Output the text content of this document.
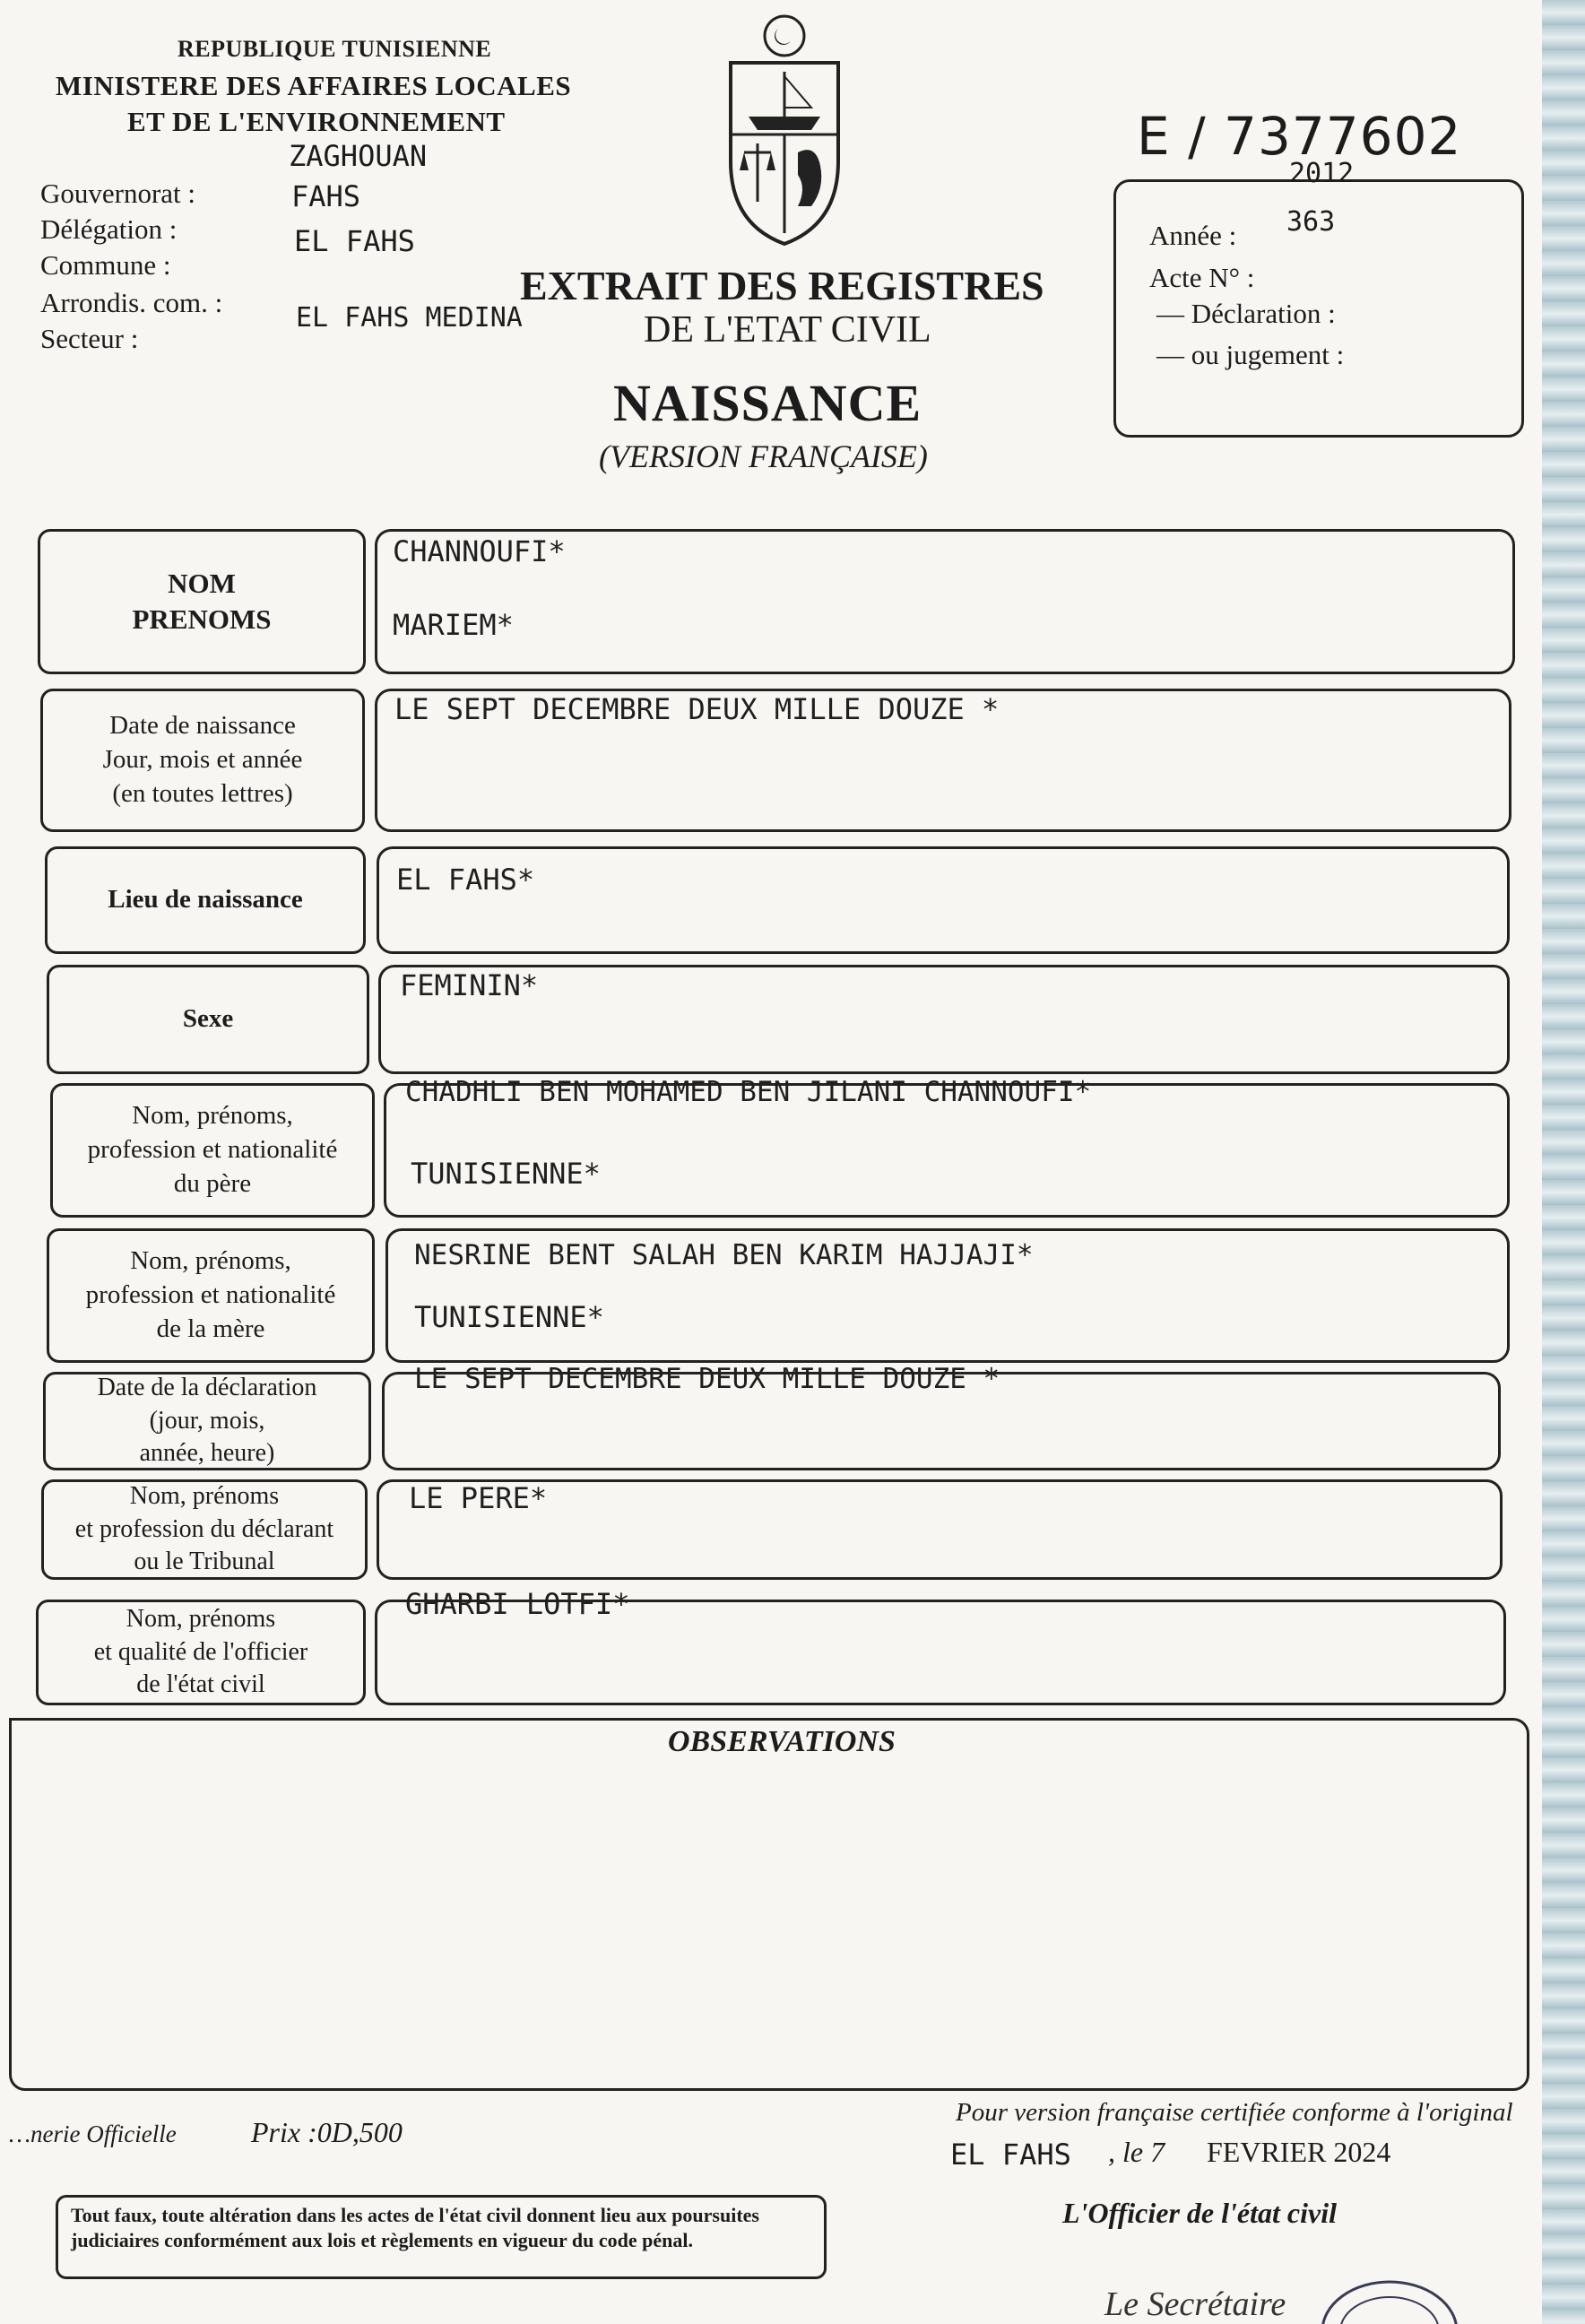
REPUBLIQUE TUNISIENNE
MINISTERE DES AFFAIRES LOCALES
ET DE L'ENVIRONNEMENT
Gouvernorat :
ZAGHOUAN
Délégation :
FAHS
Commune :
EL FAHS
Arrondis. com. :
Secteur :
EL FAHS MEDINA
E / 7377602
2012
Année : 363
Acte N° :
— Déclaration :
— ou jugement :
EXTRAIT DES REGISTRES
DE L'ETAT CIVIL
NAISSANCE
(VERSION FRANÇAISE)
NOM
PRENOMS
CHANNOUFI*
MARIEM*
Date de naissance
Jour, mois et année
(en toutes lettres)
LE SEPT DECEMBRE DEUX MILLE DOUZE *
Lieu de naissance
EL FAHS*
Sexe
FEMININ*
Nom, prénoms,
profession et nationalité
du père
CHADHLI BEN MOHAMED BEN JILANI CHANNOUFI*
TUNISIENNE*
Nom, prénoms,
profession et nationalité
de la mère
NESRINE BENT SALAH BEN KARIM HAJJAJI*
TUNISIENNE*
Date de la déclaration
(jour, mois,
année, heure)
LE SEPT DECEMBRE DEUX MILLE DOUZE *
Nom, prénoms
et profession du déclarant
ou le Tribunal
LE PERE*
Nom, prénoms
et qualité de l'officier
de l'état civil
GHARBI LOTFI*
OBSERVATIONS
…nerie Officielle	Prix :0D,500
Pour version française certifiée conforme à l'original
EL FAHS , le 7 FEVRIER 2024
L'Officier de l'état civil
Tout faux, toute altération dans les actes de l'état civil donnent lieu aux poursuites judiciaires conformément aux lois et règlements en vigueur du code pénal.
Le Secrétaire
